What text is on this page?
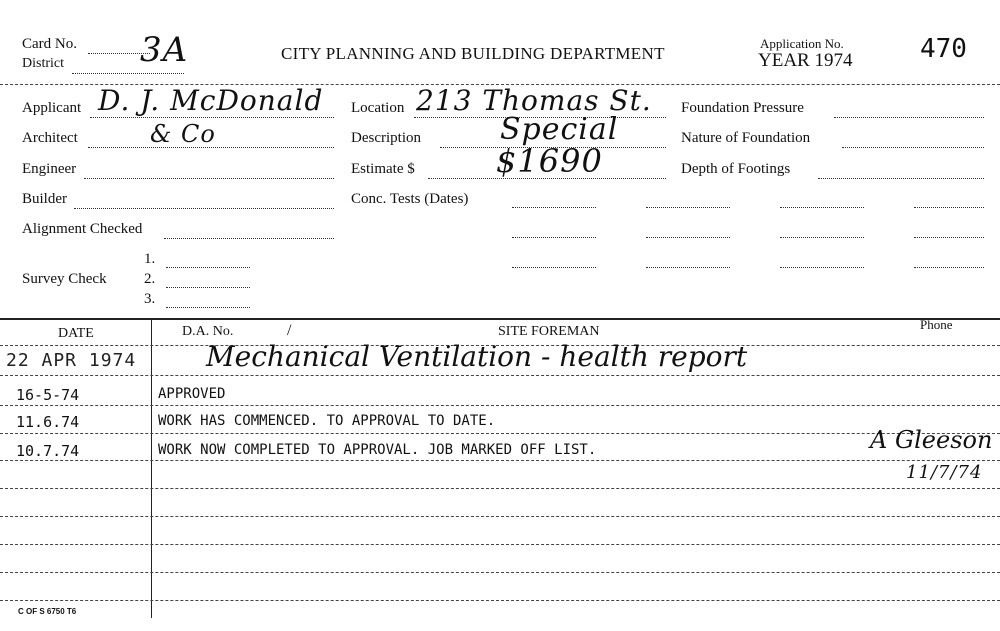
Card No.
District 3A	CITY PLANNING AND BUILDING DEPARTMENT
Application No.
YEAR 1974	470
Applicant D. J. McDonald
Architect	& Co
Engineer
Builder
Alignment Checked
Survey Check
1.
2.
3.
Location 213 Thomas St.
Description	Special
Estimate $	$1690
Conc. Tests (Dates)
Foundation Pressure
Nature of Foundation
Depth of Footings
DATE	D.A. No.	/	SITE FOREMAN	Phone
22 APR 1974 Mechanical Ventilation - health report
16-5-74	APPROVED
11.6.74	WORK HAS COMMENCED. TO APPROVAL TO DATE.
10.7.74	WORK NOW COMPLETED TO APPROVAL. JOB MARKED OFF LIST.	A Gleeson
11/7/74
C OF S 6750 T6
